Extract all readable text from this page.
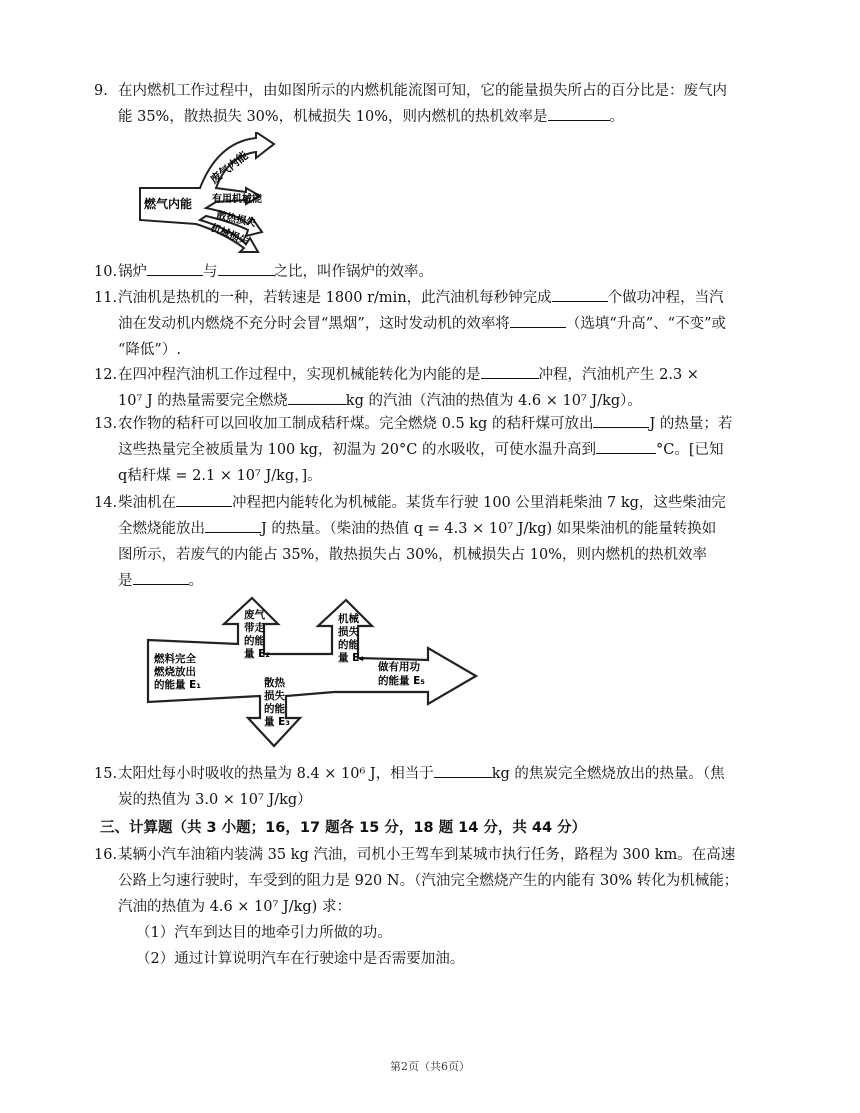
9. 在内燃机工作过程中，由如图所示的内燃机能流图可知，它的能量损失所占的百分比是：废气内
能 35%，散热损失 30%，机械损失 10%，则内燃机的热机效率是	。
燃气内能
废气内能
有用机械能
散热损失
机械损失
10. 锅炉	与	之比，叫作锅炉的效率。
11. 汽油机是热机的一种，若转速是 1800 r/min，此汽油机每秒钟完成	个做功冲程，当汽
油在发动机内燃烧不充分时会冒“黑烟”，这时发动机的效率将	（选填“升高”、“不变”或
“降低”）.
12. 在四冲程汽油机工作过程中，实现机械能转化为内能的是	冲程，汽油机产生 2.3 ×
10⁷ J 的热量需要完全燃烧	kg 的汽油（汽油的热值为 4.6 × 10⁷ J/kg）。
13. 农作物的秸秆可以回收加工制成秸秆煤。完全燃烧 0.5 kg 的秸秆煤可放出	J 的热量；若
这些热量完全被质量为 100 kg，初温为 20°C 的水吸收，可使水温升高到	°C。[已知
q秸秆煤 = 2.1 × 10⁷ J/kg，]。
14. 柴油机在	冲程把内能转化为机械能。某货车行驶 100 公里消耗柴油 7 kg，这些柴油完
全燃烧能放出	J 的热量。（柴油的热值 q = 4.3 × 10⁷ J/kg) 如果柴油机的能量转换如
图所示，若废气的内能占 35%，散热损失占 30%，机械损失占 10%，则内燃机的热机效率
是	。
燃料完全
燃烧放出
的能量 E₁
废气
带走
的能
量 E₂
机械
损失
的能
量 E₄
散热
损失
的能
量 E₃
做有用功
的能量 E₅
15. 太阳灶每小时吸收的热量为 8.4 × 10⁶ J，相当于	kg 的焦炭完全燃烧放出的热量。（焦
炭的热值为 3.0 × 10⁷ J/kg）
三、计算题（共 3 小题；16，17 题各 15 分，18 题 14 分，共 44 分）
16. 某辆小汽车油箱内装满 35 kg 汽油，司机小王驾车到某城市执行任务，路程为 300 km。在高速
公路上匀速行驶时，车受到的阻力是 920 N。（汽油完全燃烧产生的内能有 30% 转化为机械能；
汽油的热值为 4.6 × 10⁷ J/kg) 求：
（1）汽车到达目的地牵引力所做的功。
（2）通过计算说明汽车在行驶途中是否需要加油。
第2页（共6页）
